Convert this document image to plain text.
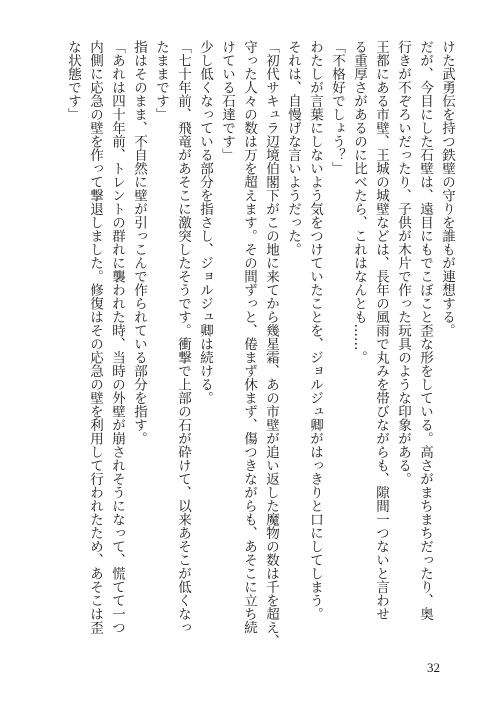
けた武勇伝を持つ鉄壁の守りを誰もが連想する。
だが、今目にした石壁は、遠目にもでこぼこと歪な形をしている。高さがまちまちだったり、奥
行きが不ぞろいだったり、子供が木片で作った玩具のような印象がある。
王都にある市壁、王城の城壁などは、長年の風雨で丸みを帯びながらも、隙間一つないと言わせ
る重厚さがあるのに比べたら、これはなんとも……。
「不格好でしょう？」
わたしが言葉にしないよう気をつけていたことを、ジョルジュ卿がはっきりと口にしてしまう。
それは、自慢げな言いようだった。
「初代サキュラ辺境伯閣下がこの地に来てから幾星霜、あの市壁が追い返した魔物の数は千を超え、
守った人々の数は万を超えます。その間ずっと、倦まず休まず、傷つきながらも、あそこに立ち続
けている石達です」
少し低くなっている部分を指さし、ジョルジュ卿は続ける。
「七十年前、飛竜があそこに激突したそうです。衝撃で上部の石が砕けて、以来あそこが低くなっ
たままです」
指はそのまま、不自然に壁が引っこんで作られている部分を指す。
「あれは四十年前、トレントの群れに襲われた時、当時の外壁が崩されそうになって、慌てて一つ
内側に応急の壁を作って撃退しました。修復はその応急の壁を利用して行われたため、あそこは歪
な状態です」
32
